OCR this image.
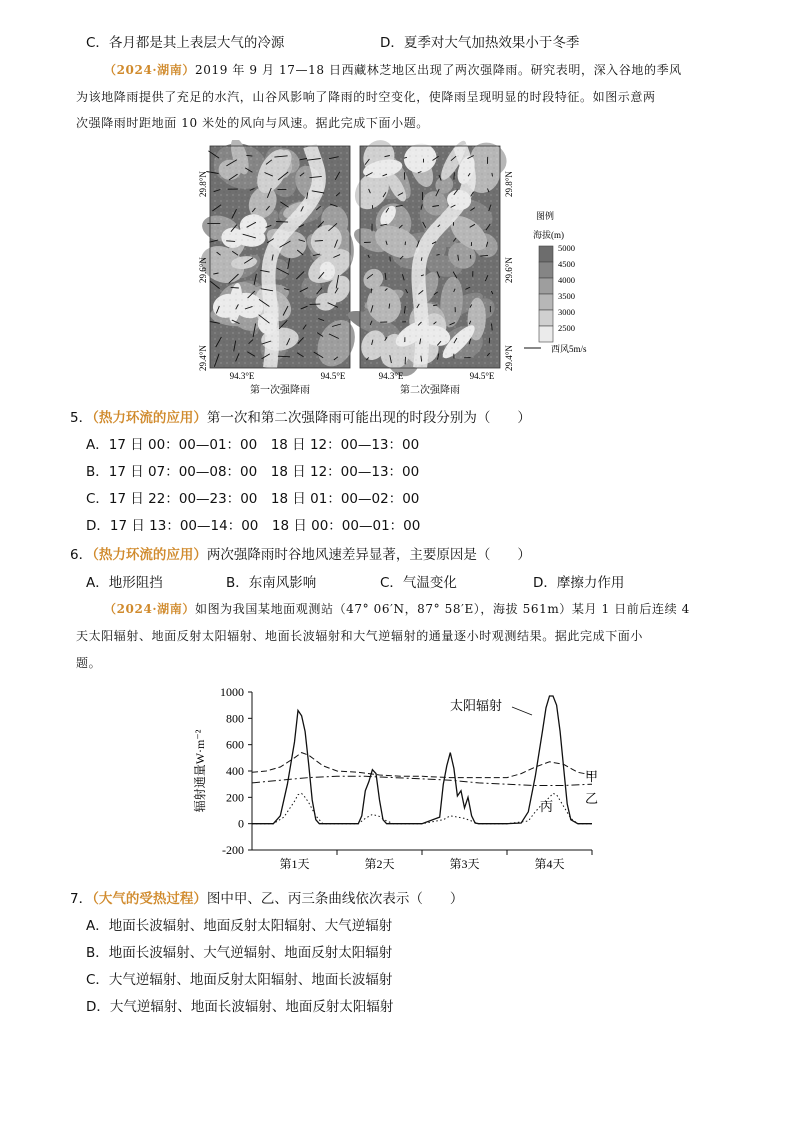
C．各月都是其上表层大气的冷源	D．夏季对大气加热效果小于冬季
（2024·湖南）2019 年 9 月 17—18 日西藏林芝地区出现了两次强降雨。研究表明，深入谷地的季风
为该地降雨提供了充足的水汽，山谷风影响了降雨的时空变化，使降雨呈现明显的时段特征。如图示意两
次强降雨时距地面 10 米处的风向与风速。据此完成下面小题。
29.8°N
29.6°N
29.4°N
29.8°N
29.6°N
29.4°N
94.3°E	94.5°E	94.3°E	94.5°E
第一次强降雨	第二次强降雨
图例
海拔(m)
5000
4500
4000
3500
3000
2500
西风5m/s
5．（热力环流的应用）第一次和第二次强降雨可能出现的时段分别为（　　）
A．17 日 00：00—01：00　18 日 12：00—13：00
B．17 日 07：00—08：00　18 日 12：00—13：00
C．17 日 22：00—23：00　18 日 01：00—02：00
D．17 日 13：00—14：00　18 日 00：00—01：00
6．（热力环流的应用）两次强降雨时谷地风速差异显著，主要原因是（　　）
A．地形阻挡	B．东南风影响	C．气温变化	D．摩擦力作用
（2024·湖南）如图为我国某地面观测站（47° 06′N，87° 58′E），海拔 561m）某月 1 日前后连续 4
天太阳辐射、地面反射太阳辐射、地面长波辐射和大气逆辐射的通量逐小时观测结果。据此完成下面小
题。
1000
800
600
400
200
0
-200
第1天	第2天	第3天	第4天
辐射通量W·m⁻²
太阳辐射
甲
乙
丙
7．（大气的受热过程）图中甲、乙、丙三条曲线依次表示（　　）
A．地面长波辐射、地面反射太阳辐射、大气逆辐射
B．地面长波辐射、大气逆辐射、地面反射太阳辐射
C．大气逆辐射、地面反射太阳辐射、地面长波辐射
D．大气逆辐射、地面长波辐射、地面反射太阳辐射
